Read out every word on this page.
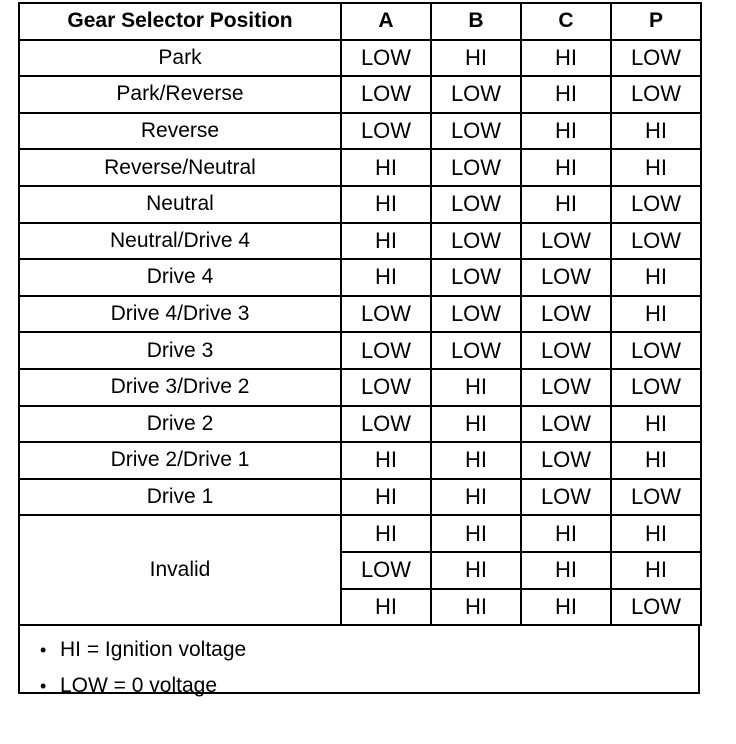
Gear Selector Position	A	B	C	P
Park	LOW	HI	HI	LOW
Park/Reverse	LOW	LOW	HI	LOW
Reverse	LOW	LOW	HI	HI
Reverse/Neutral	HI	LOW	HI	HI
Neutral	HI	LOW	HI	LOW
Neutral/Drive 4	HI	LOW	LOW	LOW
Drive 4	HI	LOW	LOW	HI
Drive 4/Drive 3	LOW	LOW	LOW	HI
Drive 3	LOW	LOW	LOW	LOW
Drive 3/Drive 2	LOW	HI	LOW	LOW
Drive 2	LOW	HI	LOW	HI
Drive 2/Drive 1	HI	HI	LOW	HI
Drive 1	HI	HI	LOW	LOW
Invalid	HI	HI	HI	HI
	LOW	HI	HI	HI
	HI	HI	HI	LOW
• HI = Ignition voltage
• LOW = 0 voltage
